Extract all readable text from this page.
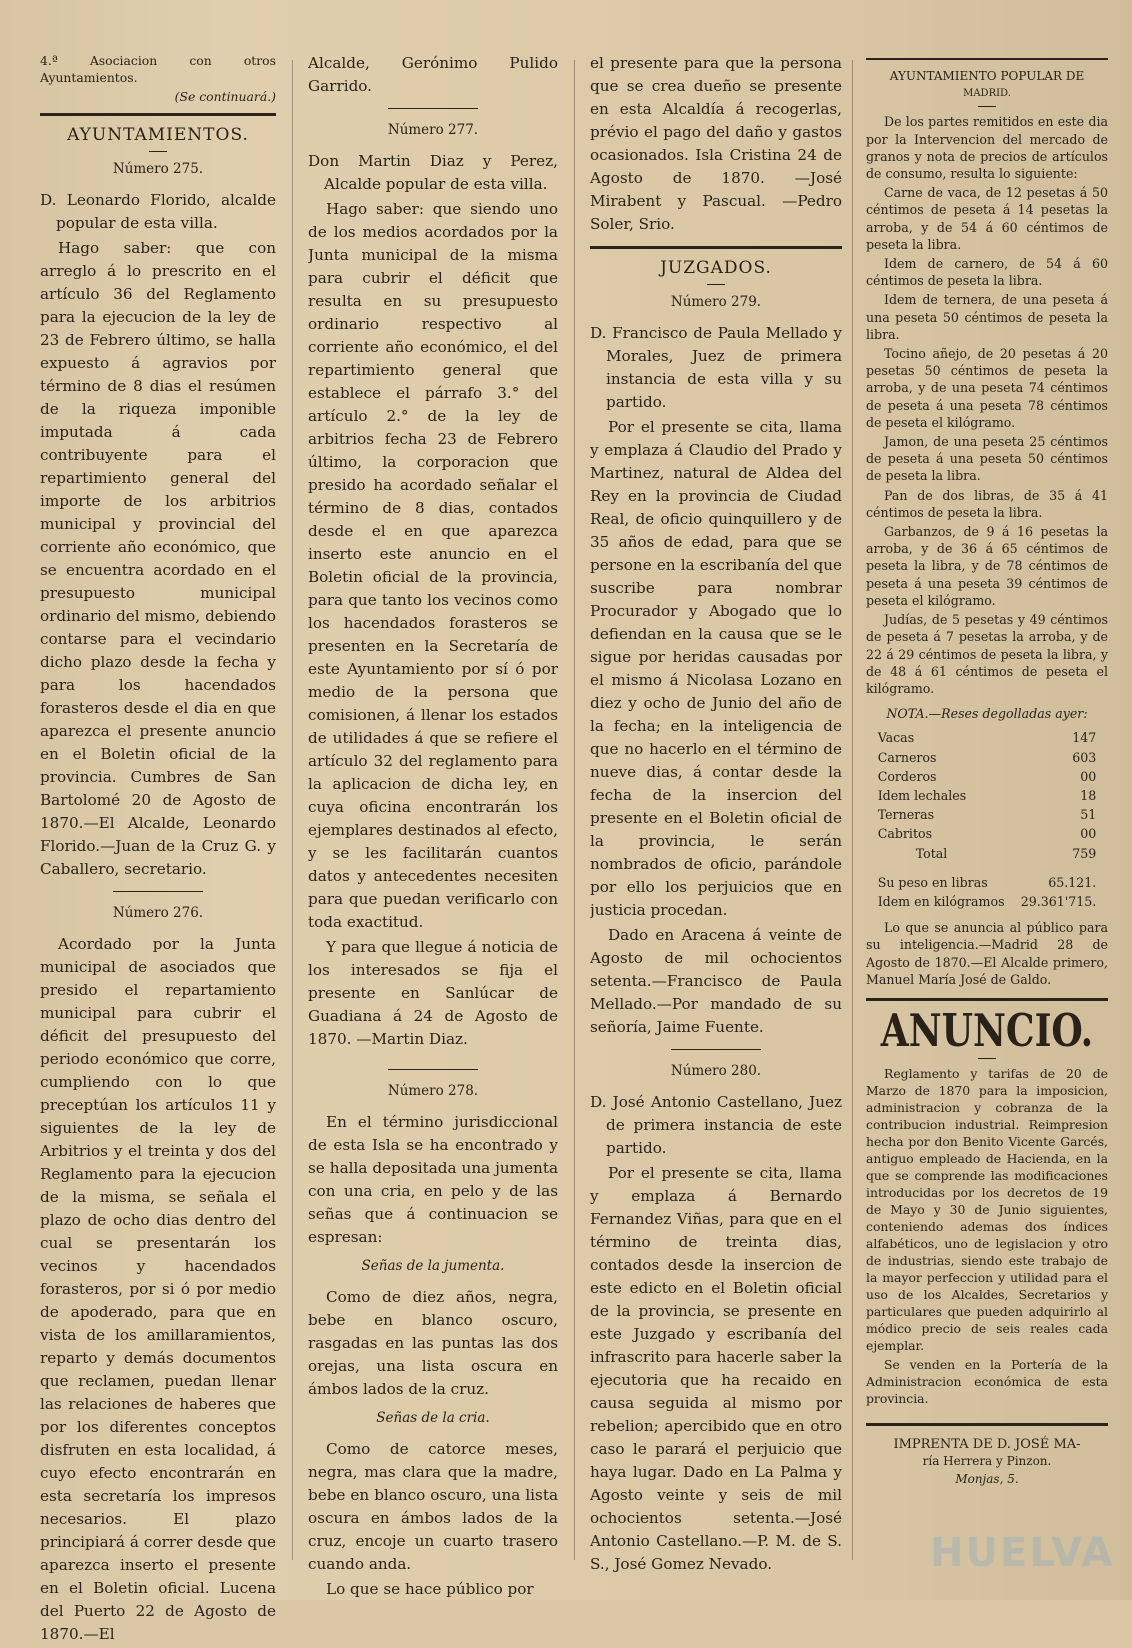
4.ª Asociacion con otros Ayuntamientos.

(Se continuará.)

AYUNTAMIENTOS.
Número 275.

D. Leonardo Florido, alcalde popular de esta villa.

Hago saber: que con arreglo á lo prescrito en el artículo 36 del Reglamento para la ejecucion de la ley de 23 de Febrero último, se halla expuesto á agravios por término de 8 dias el resúmen de la riqueza imponible imputada á cada contribuyente para el repartimiento general del importe de los arbitrios municipal y provincial del corriente año económico, que se encuentra acordado en el presupuesto municipal ordinario del mismo, debiendo contarse para el vecindario dicho plazo desde la fecha y para los hacendados forasteros desde el dia en que aparezca el presente anuncio en el Boletin oficial de la provincia. Cumbres de San Bartolomé 20 de Agosto de 1870.—El Alcalde, Leonardo Florido.—Juan de la Cruz G. y Caballero, secretario.

Número 276.

Acordado por la Junta municipal de asociados que presido el repartamiento municipal para cubrir el déficit del presupuesto del periodo económico que corre, cumpliendo con lo que preceptúan los artículos 11 y siguientes de la ley de Arbitrios y el treinta y dos del Reglamento para la ejecucion de la misma, se señala el plazo de ocho dias dentro del cual se presentarán los vecinos y hacendados forasteros, por si ó por medio de apoderado, para que en vista de los amillaramientos, reparto y demás documentos que reclamen, puedan llenar las relaciones de haberes que por los diferentes conceptos disfruten en esta localidad, á cuyo efecto encontrarán en esta secretaría los impresos necesarios. El plazo principiará á correr desde que aparezca inserto el presente en el Boletin oficial. Lucena del Puerto 22 de Agosto de 1870.—El

Alcalde, Gerónimo Pulido Garrido.

Número 277.

Don Martin Diaz y Perez, Alcalde popular de esta villa.

Hago saber: que siendo uno de los medios acordados por la Junta municipal de la misma para cubrir el déficit que resulta en su presupuesto ordinario respectivo al corriente año económico, el del repartimiento general que establece el párrafo 3.° del artículo 2.° de la ley de arbitrios fecha 23 de Febrero último, la corporacion que presido ha acordado señalar el término de 8 dias, contados desde el en que aparezca inserto este anuncio en el Boletin oficial de la provincia, para que tanto los vecinos como los hacendados forasteros se presenten en la Secretaría de este Ayuntamiento por sí ó por medio de la persona que comisionen, á llenar los estados de utilidades á que se refiere el artículo 32 del reglamento para la aplicacion de dicha ley, en cuya oficina encontrarán los ejemplares destinados al efecto, y se les facilitarán cuantos datos y antecedentes necesiten para que puedan verificarlo con toda exactitud.

Y para que llegue á noticia de los interesados se fija el presente en Sanlúcar de Guadiana á 24 de Agosto de 1870. —Martin Diaz.

Número 278.

En el término jurisdiccional de esta Isla se ha encontrado y se halla depositada una jumenta con una cria, en pelo y de las señas que á continuacion se espresan:

Señas de la jumenta.

Como de diez años, negra, bebe en blanco oscuro, rasgadas en las puntas las dos orejas, una lista oscura en ámbos lados de la cruz.

Señas de la cria.

Como de catorce meses, negra, mas clara que la madre, bebe en blanco oscuro, una lista oscura en ámbos lados de la cruz, encoje un cuarto trasero cuando anda.

Lo que se hace público por

el presente para que la persona que se crea dueño se presente en esta Alcaldía á recogerlas, prévio el pago del daño y gastos ocasionados. Isla Cristina 24 de Agosto de 1870. —José Mirabent y Pascual. —Pedro Soler, Srio.

JUZGADOS.
Número 279.

D. Francisco de Paula Mellado y Morales, Juez de primera instancia de esta villa y su partido.

Por el presente se cita, llama y emplaza á Claudio del Prado y Martinez, natural de Aldea del Rey en la provincia de Ciudad Real, de oficio quinquillero y de 35 años de edad, para que se persone en la escribanía del que suscribe para nombrar Procurador y Abogado que lo defiendan en la causa que se le sigue por heridas causadas por el mismo á Nicolasa Lozano en diez y ocho de Junio del año de la fecha; en la inteligencia de que no hacerlo en el término de nueve dias, á contar desde la fecha de la insercion del presente en el Boletin oficial de la provincia, le serán nombrados de oficio, parándole por ello los perjuicios que en justicia procedan.

Dado en Aracena á veinte de Agosto de mil ochocientos setenta.—Francisco de Paula Mellado.—Por mandado de su señoría, Jaime Fuente.

Número 280.

D. José Antonio Castellano, Juez de primera instancia de este partido.

Por el presente se cita, llama y emplaza á Bernardo Fernandez Viñas, para que en el término de treinta dias, contados desde la insercion de este edicto en el Boletin oficial de la provincia, se presente en este Juzgado y escribanía del infrascrito para hacerle saber la ejecutoria que ha recaido en causa seguida al mismo por rebelion; apercibido que en otro caso le parará el perjuicio que haya lugar. Dado en La Palma y Agosto veinte y seis de mil ochocientos setenta.—José Antonio Castellano.—P. M. de S. S., José Gomez Nevado.

AYUNTAMIENTO POPULAR DE
MADRID.

De los partes remitidos en este dia por la Intervencion del mercado de granos y nota de precios de artículos de consumo, resulta lo siguiente:

Carne de vaca, de 12 pesetas á 50 céntimos de peseta á 14 pesetas la arroba, y de 54 á 60 céntimos de peseta la libra.

Idem de carnero, de 54 á 60 céntimos de peseta la libra.

Idem de ternera, de una peseta á una peseta 50 céntimos de peseta la libra.

Tocino añejo, de 20 pesetas á 20 pesetas 50 céntimos de peseta la arroba, y de una peseta 74 céntimos de peseta á una peseta 78 céntimos de peseta el kilógramo.

Jamon, de una peseta 25 céntimos de peseta á una peseta 50 céntimos de peseta la libra.

Pan de dos libras, de 35 á 41 céntimos de peseta la libra.

Garbanzos, de 9 á 16 pesetas la arroba, y de 36 á 65 céntimos de peseta la libra, y de 78 céntimos de peseta á una peseta 39 céntimos de peseta el kilógramo.

Judías, de 5 pesetas y 49 céntimos de peseta á 7 pesetas la arroba, y de 22 á 29 céntimos de peseta la libra, y de 48 á 61 céntimos de peseta el kilógramo.

NOTA.—Reses degolladas ayer:

Vacas	147
Carneros	603
Corderos	00
Idem lechales	18
Terneras	51
Cabritos	00
Total	759
Su peso en libras	65.121.
Idem en kilógramos	29.361'715.

Lo que se anuncia al público para su inteligencia.—Madrid 28 de Agosto de 1870.—El Alcalde primero, Manuel María José de Galdo.

ANUNCIO.

Reglamento y tarifas de 20 de Marzo de 1870 para la imposicion, administracion y cobranza de la contribucion industrial. Reimpresion hecha por don Benito Vicente Garcés, antiguo empleado de Hacienda, en la que se comprende las modificaciones introducidas por los decretos de 19 de Mayo y 30 de Junio siguientes, conteniendo ademas dos índices alfabéticos, uno de legislacion y otro de industrias, siendo este trabajo de la mayor perfeccion y utilidad para el uso de los Alcaldes, Secretarios y particulares que pueden adquirirlo al módico precio de seis reales cada ejemplar.

Se venden en la Portería de la Administracion económica de esta provincia.

IMPRENTA DE D. JOSÉ MA-
ría Herrera y Pinzon.
Monjas, 5.
HUELVA
